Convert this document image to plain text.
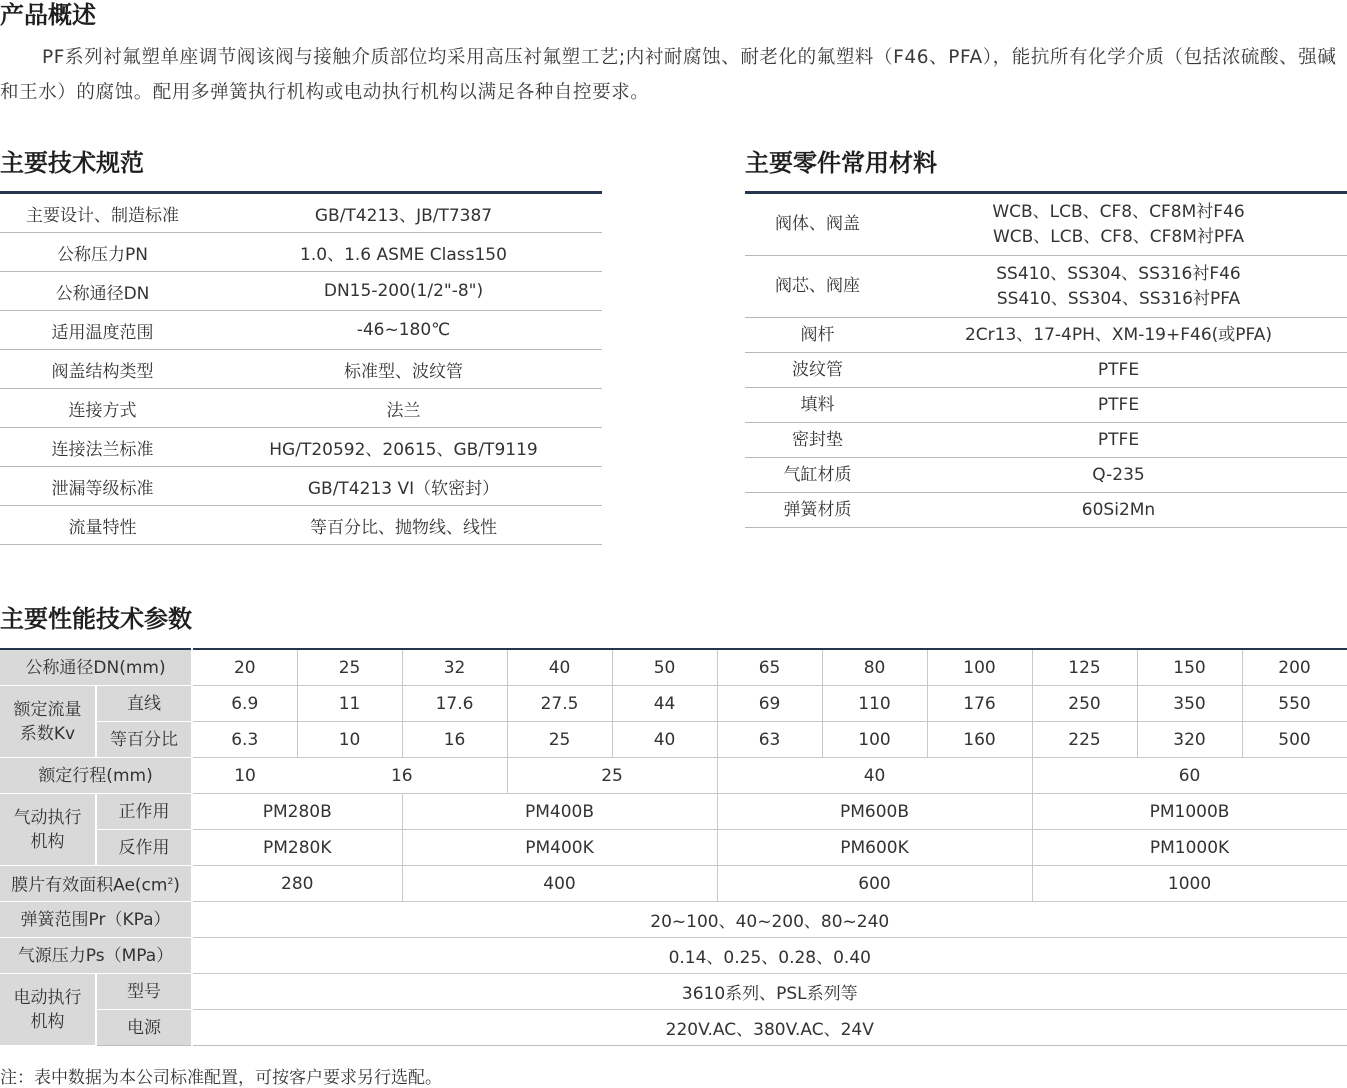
产品概述

PF系列衬氟塑单座调节阀该阀与接触介质部位均采用高压衬氟塑工艺;内衬耐腐蚀、耐老化的氟塑料（F46、PFA），能抗所有化学介质（包括浓硫酸、强碱和王水）的腐蚀。配用多弹簧执行机构或电动执行机构以满足各种自控要求。

主要技术规范
主要设计、制造标准	GB/T4213、JB/T7387
公称压力PN	1.0、1.6 ASME Class150
公称通径DN	DN15-200(1/2"-8")
适用温度范围	-46~180℃
阀盖结构类型	标准型、波纹管
连接方式	法兰
连接法兰标准	HG/T20592、20615、GB/T9119
泄漏等级标准	GB/T4213 VI（软密封）
流量特性	等百分比、抛物线、线性
主要零件常用材料
阀体、阀盖	WCB、LCB、CF8、CF8M衬F46
WCB、LCB、CF8、CF8M衬PFA

阀芯、阀座	SS410、SS304、SS316衬F46
SS410、SS304、SS316衬PFA

阀杆	2Cr13、17-4PH、XM-19+F46(或PFA)
波纹管	PTFE
填料	PTFE
密封垫	PTFE
气缸材质	Q-235
弹簧材质	60Si2Mn
主要性能技术参数
公称通径DN(mm)		20	25	32	40	50	65	80	100	125	150	200

额定流量
系数Kv	直线	6.9	11	17.6	27.5	44	69	110	176	250	350	550
	等百分比	6.3	10	16	25	40	63	100	160	225	320	500
额定行程(mm)		10	16		25		40			60		

气动执行
机构	正作用	PM280B		PM400B			PM600B			PM1000B		
	反作用	PM280K		PM400K			PM600K			PM1000K		
膜片有效面积$Ae(cm^2)$		280		400			600			1000		
弹簧范围Pr（KPa）		20~100、40~200、80~240										
气源压力Ps（MPa）		0.14、0.25、0.28、0.40										

电动执行
机构	型号	3610系列、PSL系列等										
	电源	220V.AC、380V.AC、24V										

注：表中数据为本公司标准配置，可按客户要求另行选配。
